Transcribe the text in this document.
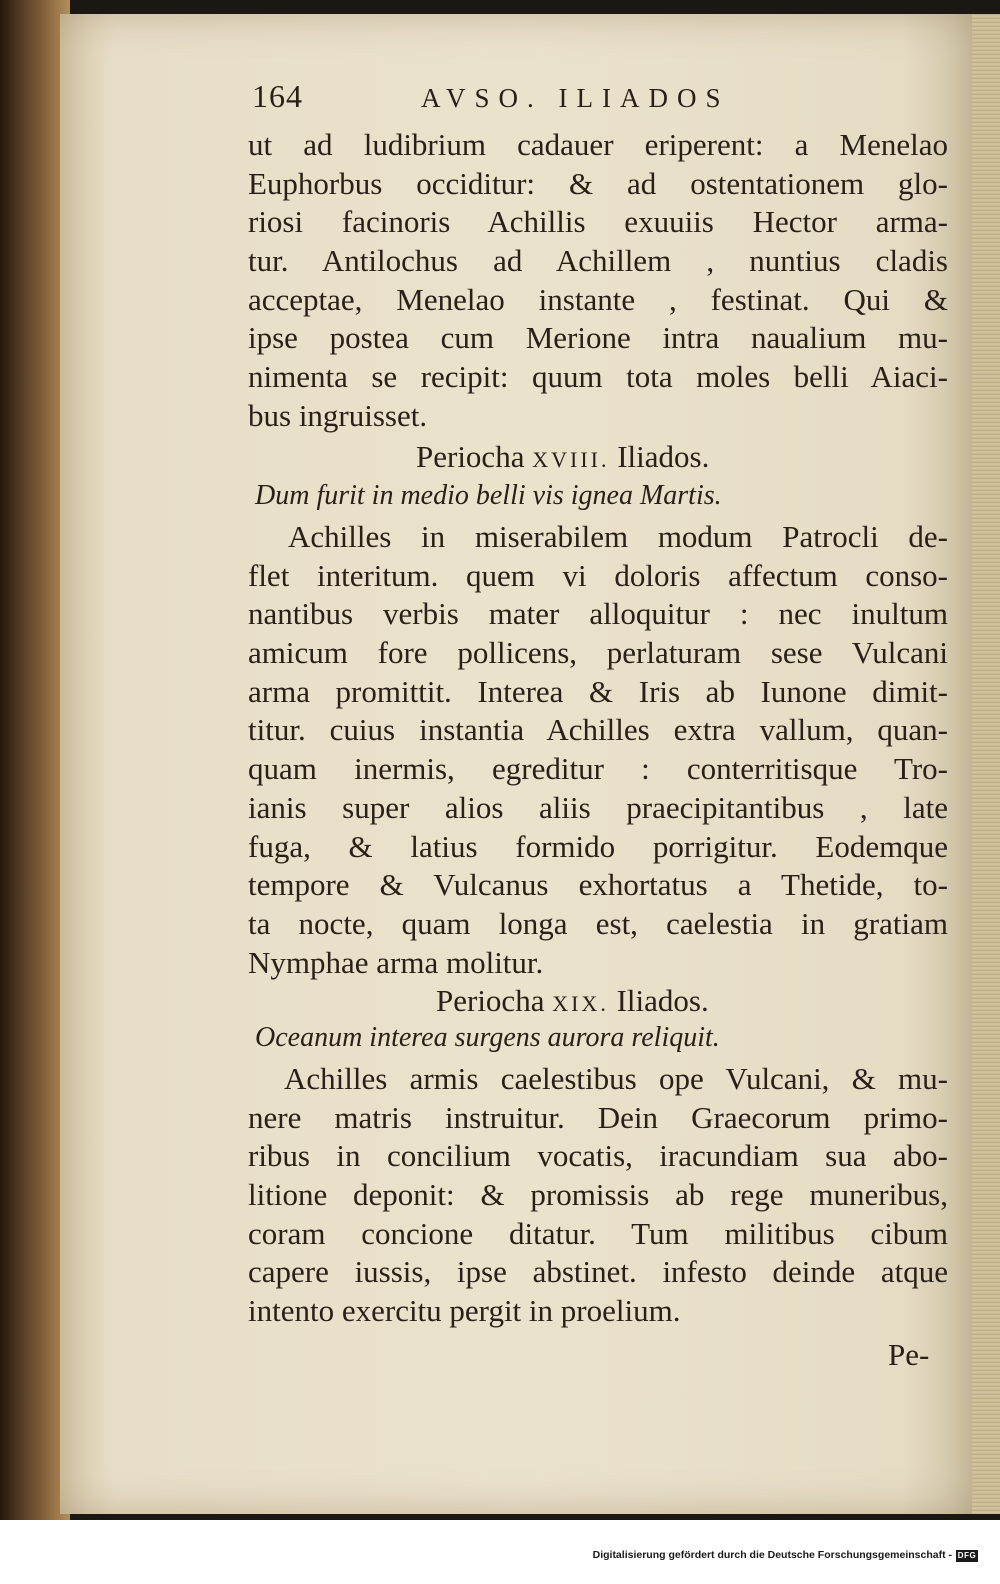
164	AVSO. ILIADOS
ut ad ludibrium cadauer eriperent: a Menelao
Euphorbus occiditur: & ad ostentationem glo-
riosi facinoris Achillis exuuiis Hector arma-
tur. Antilochus ad Achillem , nuntius cladis
acceptae, Menelao instante , festinat. Qui &
ipse postea cum Merione intra naualium mu-
nimenta se recipit: quum tota moles belli Aiaci-
bus ingruisset.
Periocha XVIII. Iliados.
Dum furit in medio belli vis ignea Martis.
Achilles in miserabilem modum Patrocli de-
flet interitum. quem vi doloris affectum conso-
nantibus verbis mater alloquitur : nec inultum
amicum fore pollicens, perlaturam sese Vulcani
arma promittit. Interea & Iris ab Iunone dimit-
titur. cuius instantia Achilles extra vallum, quan-
quam inermis, egreditur : conterritisque Tro-
ianis super alios aliis praecipitantibus , late
fuga, & latius formido porrigitur. Eodemque
tempore & Vulcanus exhortatus a Thetide, to-
ta nocte, quam longa est, caelestia in gratiam
Nymphae arma molitur.
Periocha XIX. Iliados.
Oceanum interea surgens aurora reliquit.
Achilles armis caelestibus ope Vulcani, & mu-
nere matris instruitur. Dein Graecorum primo-
ribus in concilium vocatis, iracundiam sua abo-
litione deponit: & promissis ab rege muneribus,
coram concione ditatur. Tum militibus cibum
capere iussis, ipse abstinet. infesto deinde atque
intento exercitu pergit in proelium.
Pe-
Digitalisierung gefördert durch die Deutsche Forschungsgemeinschaft - DFG
